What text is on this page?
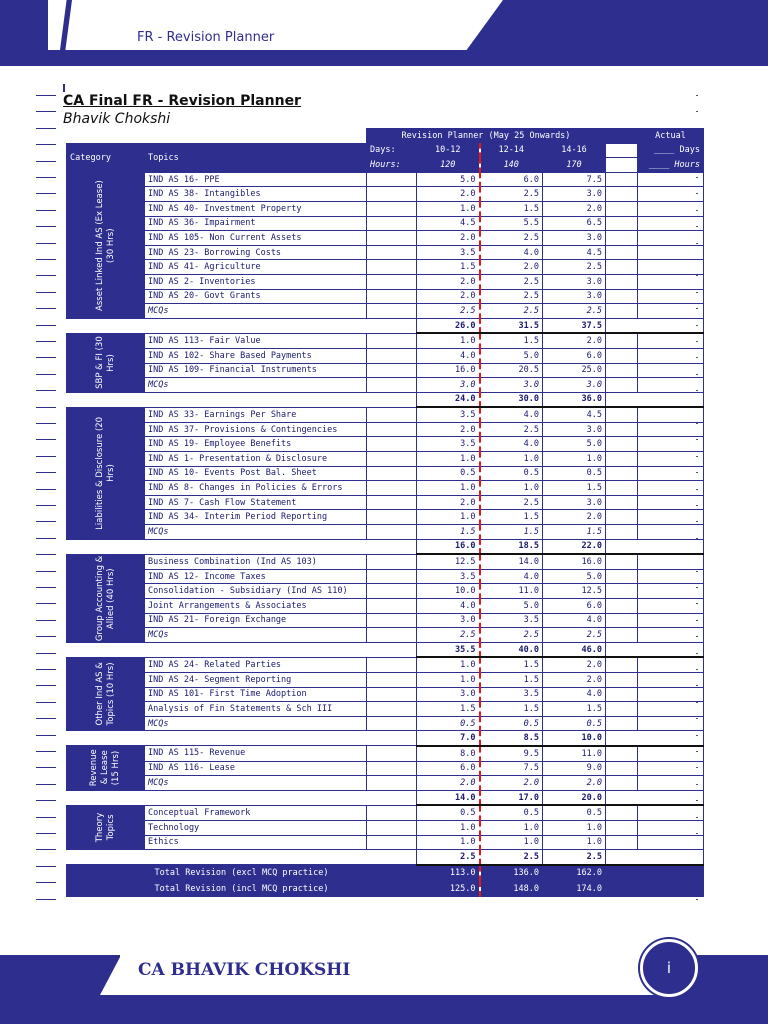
FR - Revision Planner
CA Final FR - Revision Planner
Bhavik Chokshi
		Revision Planner (May 25 Onwards)					Actual
Category	Topics	Days:	10-12	12-14	14-16		____ Days
		Hours:	120	140	170		____ Hours

Asset Linked Ind AS (Ex Lease) (30 Hrs)	IND AS 16- PPE		5.0	6.0	7.5		
	IND AS 38- Intangibles		2.0	2.5	3.0		
	IND AS 40- Investment Property		1.0	1.5	2.0		
	IND AS 36- Impairment		4.5	5.5	6.5		
	IND AS 105- Non Current Assets		2.0	2.5	3.0		
	IND AS 23- Borrowing Costs		3.5	4.0	4.5		
	IND AS 41- Agriculture		1.5	2.0	2.5		
	IND AS 2- Inventories		2.0	2.5	3.0		
	IND AS 20- Govt Grants		2.0	2.5	3.0		
	MCQs		2.5	2.5	2.5		
			26.0	31.5	37.5		

SBP & FI (30 Hrs)	IND AS 113- Fair Value		1.0	1.5	2.0		
	IND AS 102- Share Based Payments		4.0	5.0	6.0		
	IND AS 109- Financial Instruments		16.0	20.5	25.0		
	MCQs		3.0	3.0	3.0		
			24.0	30.0	36.0		

Liabilities & Disclosure (20 Hrs)	IND AS 33- Earnings Per Share		3.5	4.0	4.5		
	IND AS 37- Provisions & Contingencies		2.0	2.5	3.0		
	IND AS 19- Employee Benefits		3.5	4.0	5.0		
	IND AS 1- Presentation & Disclosure		1.0	1.0	1.0		
	IND AS 10- Events Post Bal. Sheet		0.5	0.5	0.5		
	IND AS 8- Changes in Policies & Errors		1.0	1.0	1.5		
	IND AS 7- Cash Flow Statement		2.0	2.5	3.0		
	IND AS 34- Interim Period Reporting		1.0	1.5	2.0		
	MCQs		1.5	1.5	1.5		
			16.0	18.5	22.0		

Group Accounting & Allied (40 Hrs)	Business Combination (Ind AS 103)		12.5	14.0	16.0		
	IND AS 12- Income Taxes		3.5	4.0	5.0		
	Consolidation - Subsidiary (Ind AS 110)		10.0	11.0	12.5		
	Joint Arrangements & Associates		4.0	5.0	6.0		
	IND AS 21- Foreign Exchange		3.0	3.5	4.0		
	MCQs		2.5	2.5	2.5		
			35.5	40.0	46.0		

Other Ind AS & Topics (10 Hrs)	IND AS 24- Related Parties		1.0	1.5	2.0		
	IND AS 24- Segment Reporting		1.0	1.5	2.0		
	IND AS 101- First Time Adoption		3.0	3.5	4.0		
	Analysis of Fin Statements & Sch III		1.5	1.5	1.5		
	MCQs		0.5	0.5	0.5		
			7.0	8.5	10.0		

Revenue & Lease (15 Hrs)	IND AS 115- Revenue		8.0	9.5	11.0		
	IND AS 116- Lease		6.0	7.5	9.0		
	MCQs		2.0	2.0	2.0		
			14.0	17.0	20.0		

Theory Topics	Conceptual Framework		0.5	0.5	0.5		
	Technology		1.0	1.0	1.0		
	Ethics		1.0	1.0	1.0		
			2.5	2.5	2.5		
Total Revision (excl MCQ practice)			113.0	136.0	162.0		
Total Revision (incl MCQ practice)			125.0	148.0	174.0		
CA BHAVIK CHOKSHI	i
